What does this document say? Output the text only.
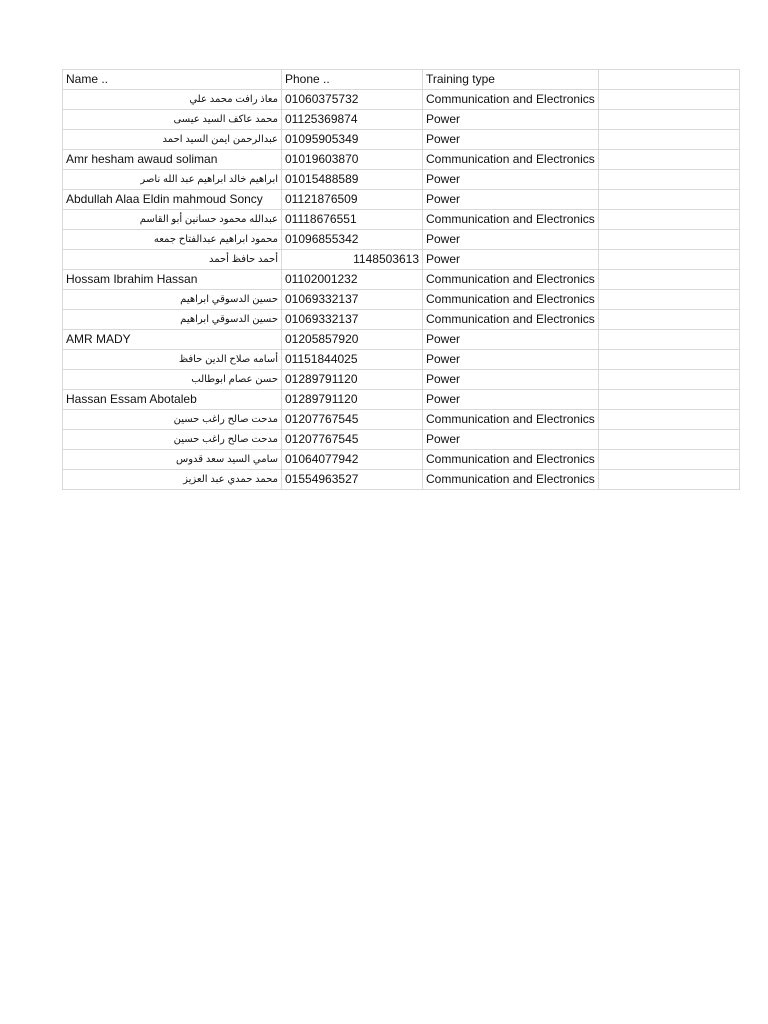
Name ..	Phone ..	Training type	
معاذ رافت محمد علي	01060375732	Communication and Electronics	
محمد عاكف السيد عيسى	01125369874	Power	
عبدالرحمن ايمن السيد احمد	01095905349	Power	
Amr hesham awaud soliman	01019603870	Communication and Electronics	
ابراهيم خالد ابراهيم عبد الله ناصر	01015488589	Power	
Abdullah Alaa Eldin mahmoud Soncy	01121876509	Power	
عبدالله محمود حسانين أبو القاسم	01118676551	Communication and Electronics	
محمود ابراهيم عبدالفتاح جمعه	01096855342	Power	
أحمد حافظ أحمد	1148503613	Power	
Hossam Ibrahim Hassan	01102001232	Communication and Electronics	
حسين الدسوقي ابراهيم	01069332137	Communication and Electronics	
حسين الدسوقي ابراهيم	01069332137	Communication and Electronics	
AMR MADY	01205857920	Power	
أسامه صلاح الدين حافظ	01151844025	Power	
حسن عصام ابوطالب	01289791120	Power	
Hassan Essam Abotaleb	01289791120	Power	
مدحت صالح راغب حسين	01207767545	Communication and Electronics	
مدحت صالح راغب حسين	01207767545	Power	
سامي السيد سعد قدوس	01064077942	Communication and Electronics	
محمد حمدي عبد العزيز	01554963527	Communication and Electronics	
